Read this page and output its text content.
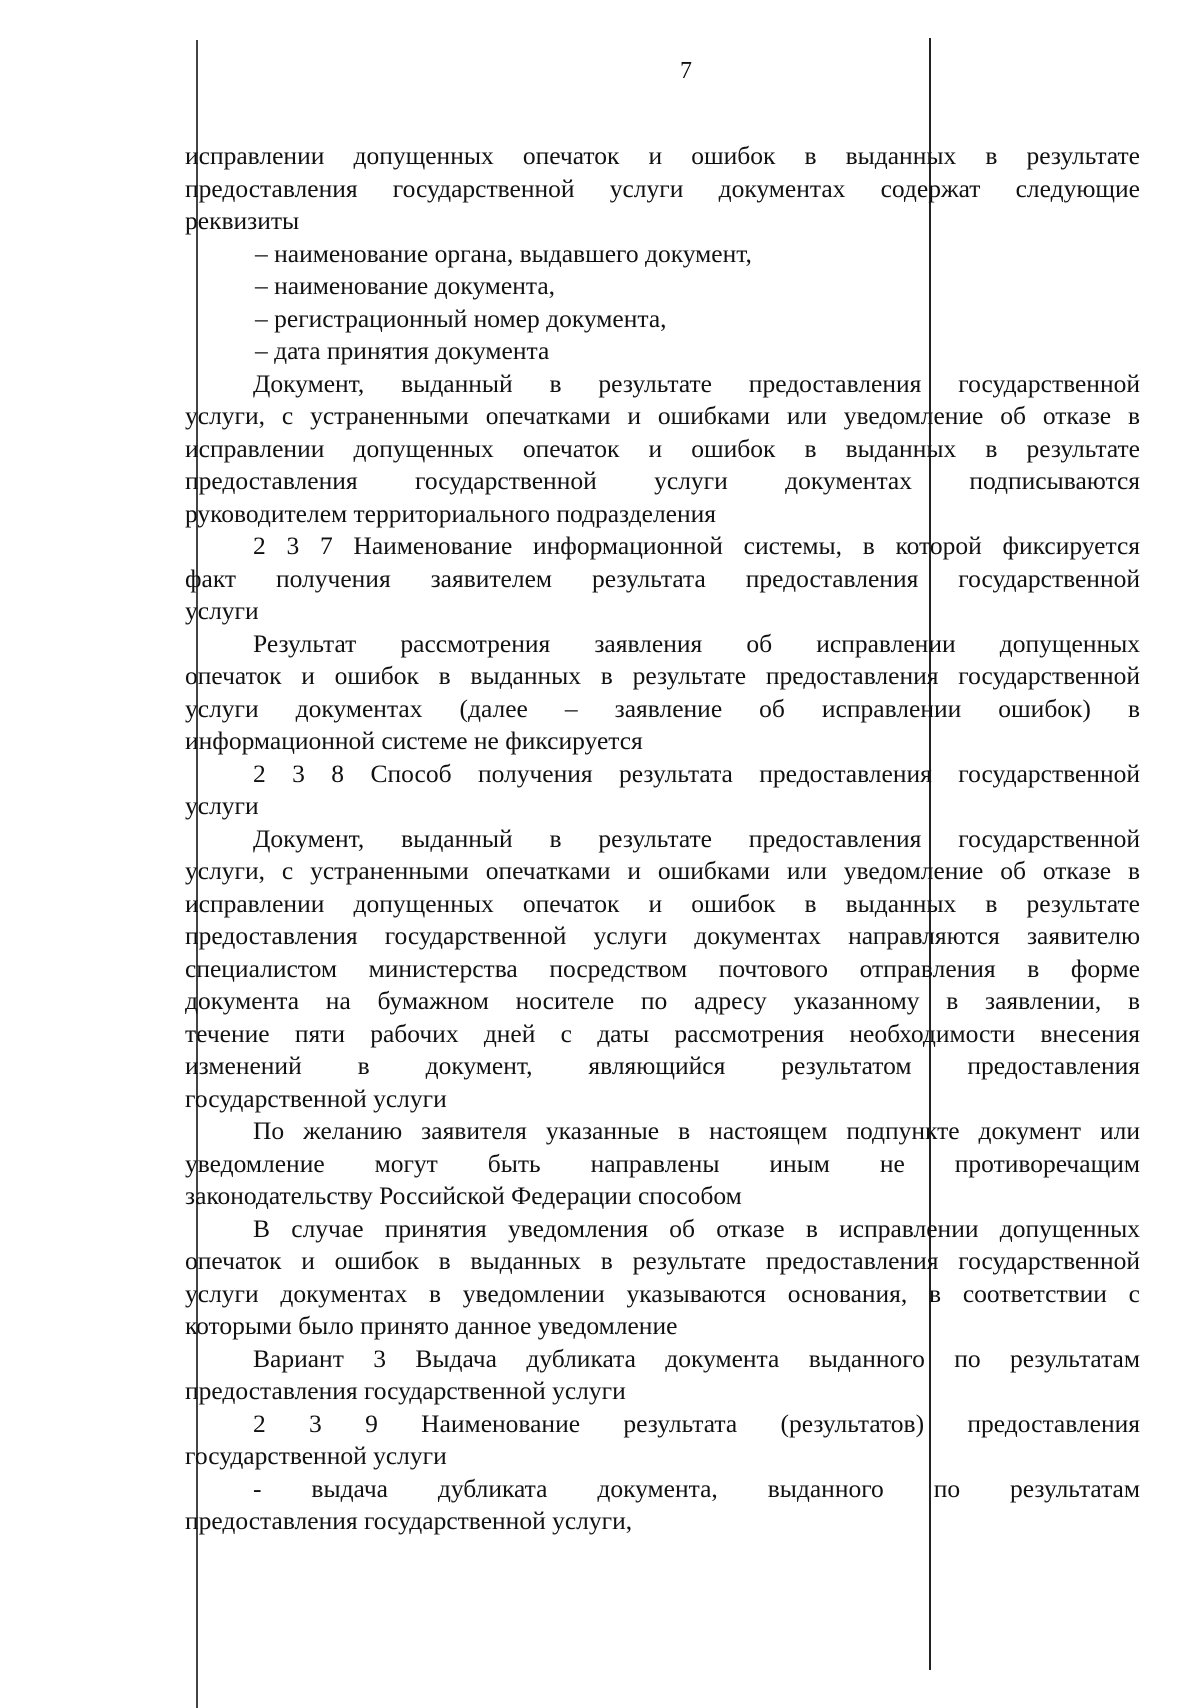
7
исправлении допущенных опечаток и ошибок в выданных в результате
предоставления государственной услуги документах содержат следующие
реквизиты
– наименование органа, выдавшего документ,
– наименование документа,
– регистрационный номер документа,
– дата принятия документа
Документ, выданный в результате предоставления государственной
услуги, с устраненными опечатками и ошибками или уведомление об отказе в
исправлении допущенных опечаток и ошибок в выданных в результате
предоставления государственной услуги документах подписываются
руководителем территориального подразделения
2 3 7 Наименование информационной системы, в которой фиксируется
факт получения заявителем результата предоставления государственной
услуги
Результат рассмотрения заявления об исправлении допущенных
опечаток и ошибок в выданных в результате предоставления государственной
услуги документах (далее – заявление об исправлении ошибок) в
информационной системе не фиксируется
2 3 8 Способ получения результата предоставления государственной
услуги
Документ, выданный в результате предоставления государственной
услуги, с устраненными опечатками и ошибками или уведомление об отказе в
исправлении допущенных опечаток и ошибок в выданных в результате
предоставления государственной услуги документах направляются заявителю
специалистом министерства посредством почтового отправления в форме
документа на бумажном носителе по адресу указанному в заявлении, в
течение пяти рабочих дней с даты рассмотрения необходимости внесения
изменений в документ, являющийся результатом предоставления
государственной услуги
По желанию заявителя указанные в настоящем подпункте документ или
уведомление могут быть направлены иным не противоречащим
законодательству Российской Федерации способом
В случае принятия уведомления об отказе в исправлении допущенных
опечаток и ошибок в выданных в результате предоставления государственной
услуги документах в уведомлении указываются основания, в соответствии с
которыми было принято данное уведомление
Вариант 3 Выдача дубликата документа выданного по результатам
предоставления государственной услуги
2 3 9 Наименование результата (результатов) предоставления
государственной услуги
- выдача дубликата документа, выданного по результатам
предоставления государственной услуги,
